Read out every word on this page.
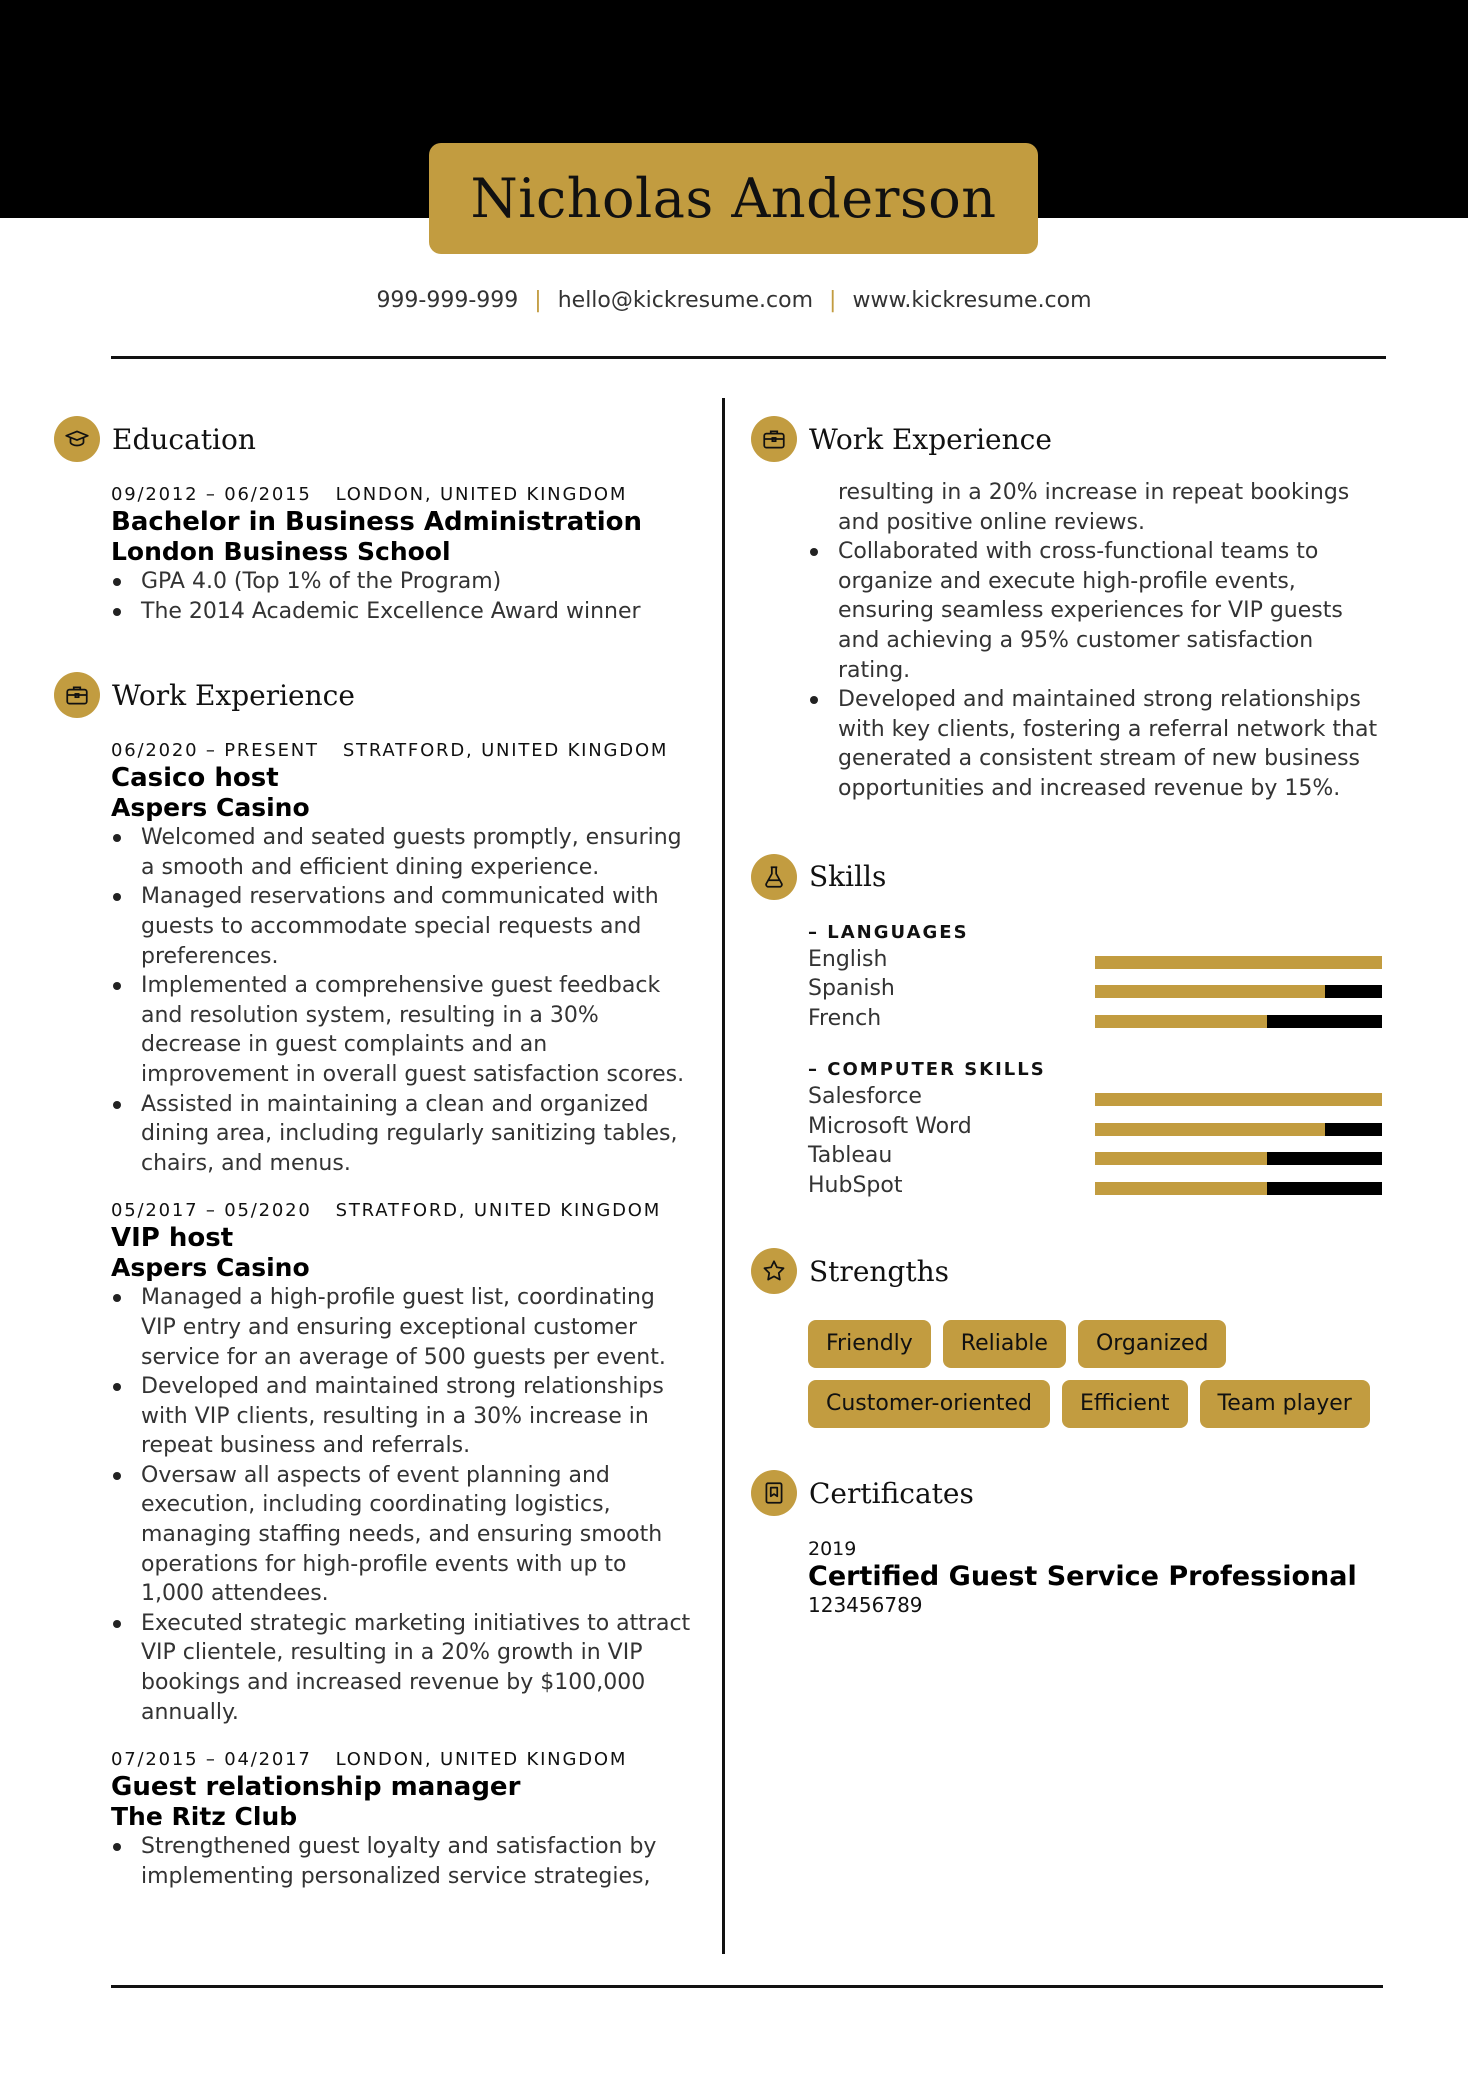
Nicholas Anderson
999-999-999 | hello@kickresume.com | www.kickresume.com
Education
09/2012 – 06/2015 LONDON, UNITED KINGDOM
Bachelor in Business Administration
London Business School
GPA 4.0 (Top 1% of the Program)
The 2014 Academic Excellence Award winner
Work Experience
06/2020 – PRESENT STRATFORD, UNITED KINGDOM
Casico host
Aspers Casino
Welcomed and seated guests promptly, ensuring a smooth and efficient dining experience.
Managed reservations and communicated with guests to accommodate special requests and preferences.
Implemented a comprehensive guest feedback and resolution system, resulting in a 30% decrease in guest complaints and an improvement in overall guest satisfaction scores.
Assisted in maintaining a clean and organized dining area, including regularly sanitizing tables, chairs, and menus.
05/2017 – 05/2020 STRATFORD, UNITED KINGDOM
VIP host
Aspers Casino
Managed a high-profile guest list, coordinating VIP entry and ensuring exceptional customer service for an average of 500 guests per event.
Developed and maintained strong relationships with VIP clients, resulting in a 30% increase in repeat business and referrals.
Oversaw all aspects of event planning and execution, including coordinating logistics, managing staffing needs, and ensuring smooth operations for high-profile events with up to 1,000 attendees.
Executed strategic marketing initiatives to attract VIP clientele, resulting in a 20% growth in VIP bookings and increased revenue by $100,000 annually.
07/2015 – 04/2017 LONDON, UNITED KINGDOM
Guest relationship manager
The Ritz Club
Strengthened guest loyalty and satisfaction by implementing personalized service strategies,
Work Experience
resulting in a 20% increase in repeat bookings and positive online reviews.
Collaborated with cross-functional teams to organize and execute high-profile events, ensuring seamless experiences for VIP guests and achieving a 95% customer satisfaction rating.
Developed and maintained strong relationships with key clients, fostering a referral network that generated a consistent stream of new business opportunities and increased revenue by 15%.
Skills
– LANGUAGES
English
Spanish
French
– COMPUTER SKILLS
Salesforce
Microsoft Word
Tableau
HubSpot
Strengths
Friendly	Reliable	Organized
Customer-oriented	Efficient	Team player
Certificates
2019
Certified Guest Service Professional
123456789
